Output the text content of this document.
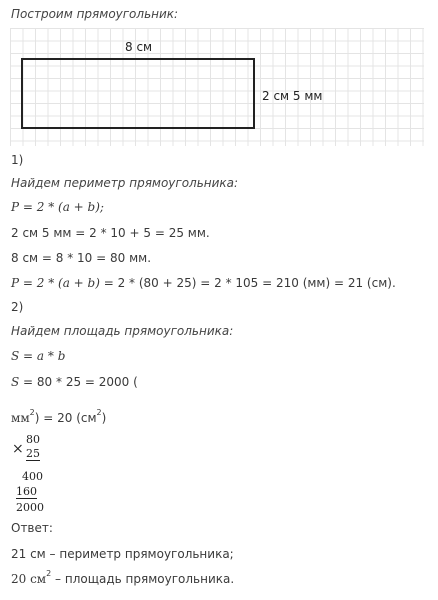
Построим прямоугольник:
8 см
2 см 5 мм
1)
Найдем периметр прямоугольника:
P = 2 * (a + b);
2 см 5 мм = 2 * 10 + 5 = 25 мм.
8 см = 8 * 10 = 80 мм.
P = 2 * (a + b) = 2 * (80 + 25) = 2 * 105 = 210 (мм) = 21 (см).
2)
Найдем площадь прямоугольника:
S = a * b
S = 80 * 25 = 2000 (
$мм^2) = 20$ $(см^2)$
×
80
25
400
160
2000
Ответ:
21 см – периметр прямоугольника;
20 $см^2$ – площадь прямоугольника.
